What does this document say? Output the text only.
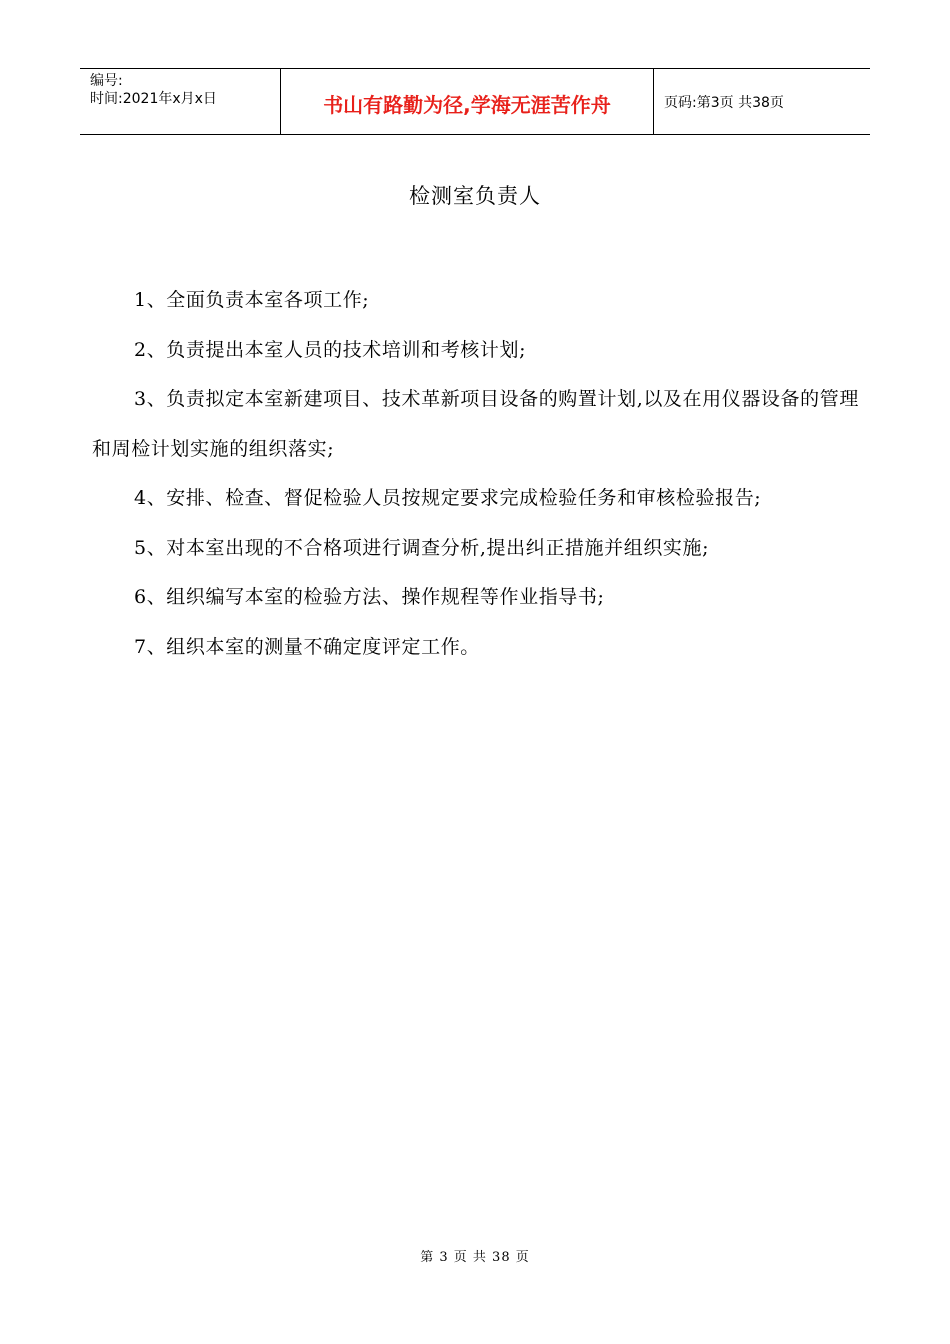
编号:
时间:2021年x月x日	书山有路勤为径,学海无涯苦作舟	页码:第3页 共38页
检测室负责人

1、全面负责本室各项工作;

2、负责提出本室人员的技术培训和考核计划;

3、负责拟定本室新建项目、技术革新项目设备的购置计划,以及在用仪器设备的管理和周检计划实施的组织落实;

4、安排、检查、督促检验人员按规定要求完成检验任务和审核检验报告;

5、对本室出现的不合格项进行调查分析,提出纠正措施并组织实施;

6、组织编写本室的检验方法、操作规程等作业指导书;

7、组织本室的测量不确定度评定工作。

第 3 页 共 38 页
